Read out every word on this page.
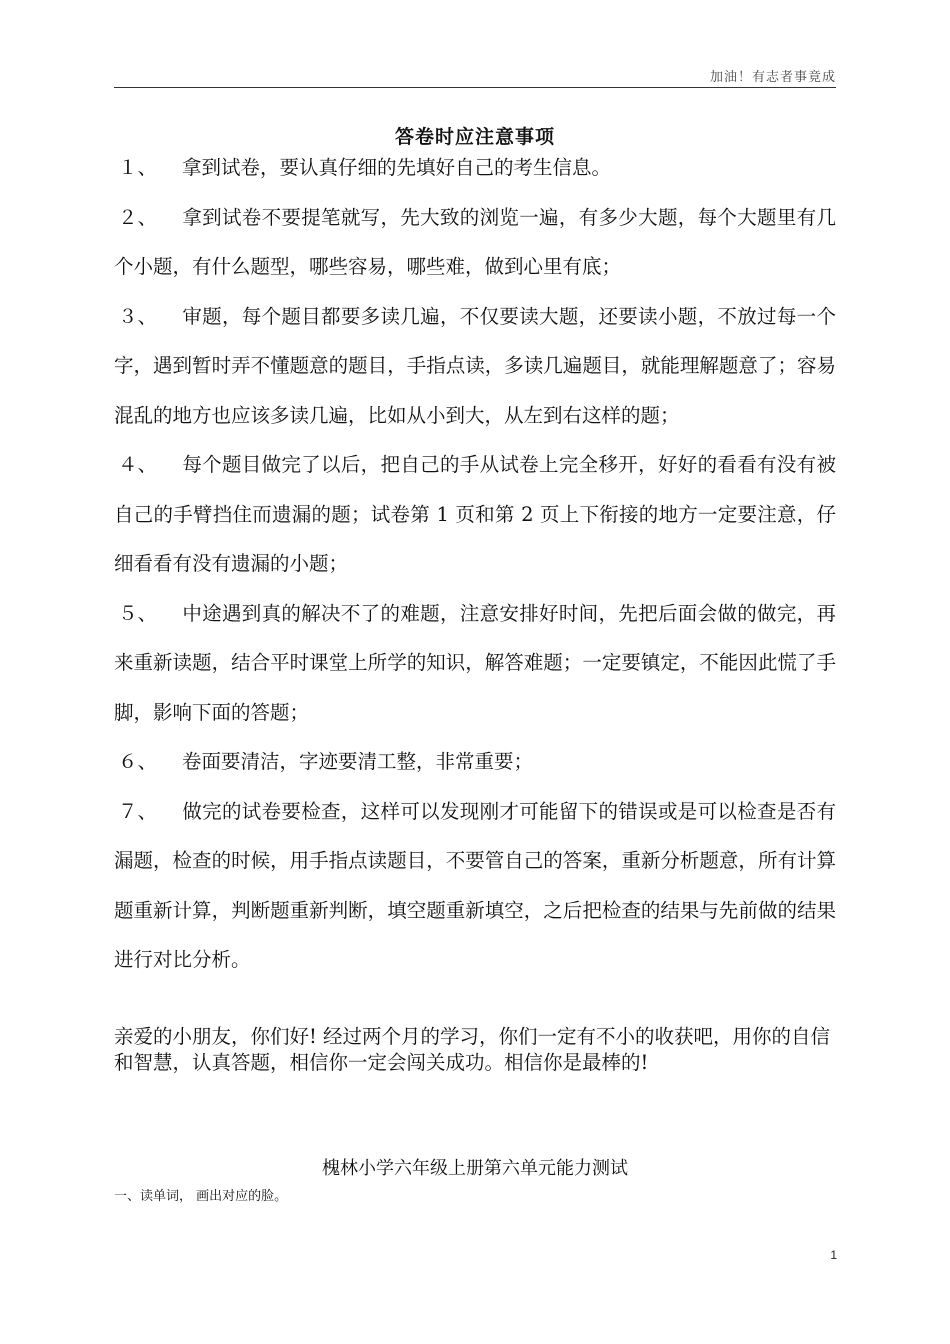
加油！有志者事竟成
答卷时应注意事项

１、 拿到试卷，要认真仔细的先填好自己的考生信息。

２、 拿到试卷不要提笔就写，先大致的浏览一遍，有多少大题，每个大题里有几个小题，有什么题型，哪些容易，哪些难，做到心里有底；

３、 审题，每个题目都要多读几遍，不仅要读大题，还要读小题，不放过每一个字，遇到暂时弄不懂题意的题目，手指点读，多读几遍题目，就能理解题意了；容易混乱的地方也应该多读几遍，比如从小到大，从左到右这样的题；

４、 每个题目做完了以后，把自己的手从试卷上完全移开，好好的看看有没有被自己的手臂挡住而遗漏的题；试卷第 1 页和第 2 页上下衔接的地方一定要注意，仔细看看有没有遗漏的小题；

５、 中途遇到真的解决不了的难题，注意安排好时间，先把后面会做的做完，再来重新读题，结合平时课堂上所学的知识，解答难题；一定要镇定，不能因此慌了手脚，影响下面的答题；

６、 卷面要清洁，字迹要清工整，非常重要；

７、 做完的试卷要检查，这样可以发现刚才可能留下的错误或是可以检查是否有漏题，检查的时候，用手指点读题目，不要管自己的答案，重新分析题意，所有计算题重新计算，判断题重新判断，填空题重新填空，之后把检查的结果与先前做的结果进行对比分析。

亲爱的小朋友，你们好! 经过两个月的学习，你们一定有不小的收获吧，用你的自信和智慧，认真答题，相信你一定会闯关成功。相信你是最棒的!

槐林小学六年级上册第六单元能力测试

一、读单词， 画出对应的脸。

1
